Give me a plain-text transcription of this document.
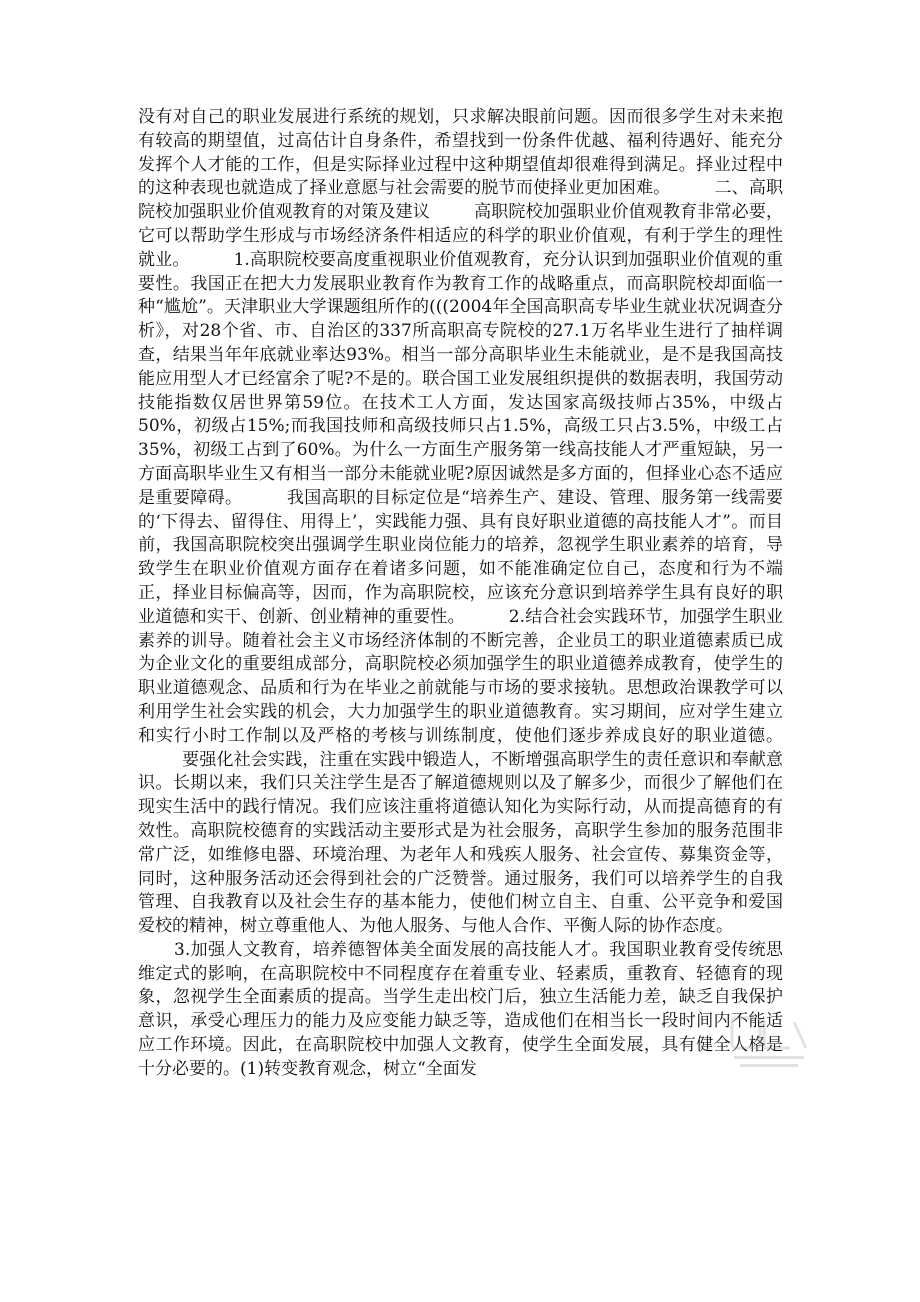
没有对自己的职业发展进行系统的规划，只求解决眼前问题。因而很多学生对未来抱有较高的期望值，过高估计自身条件，希望找到一份条件优越、福利待遇好、能充分发挥个人才能的工作，但是实际择业过程中这种期望值却很难得到满足。择业过程中的这种表现也就造成了择业意愿与社会需要的脱节而使择业更加困难。	二、高职院校加强职业价值观教育的对策及建议	高职院校加强职业价值观教育非常必要，它可以帮助学生形成与市场经济条件相适应的科学的职业价值观，有利于学生的理性就业。	1.高职院校要高度重视职业价值观教育，充分认识到加强职业价值观的重要性。我国正在把大力发展职业教育作为教育工作的战略重点，而高职院校却面临一种“尴尬”。天津职业大学课题组所作的(((2004年全国高职高专毕业生就业状况调查分析》，对28个省、市、自治区的337所高职高专院校的27.1万名毕业生进行了抽样调查，结果当年年底就业率达93%。相当一部分高职毕业生未能就业，是不是我国高技能应用型人才已经富余了呢?不是的。联合国工业发展组织提供的数据表明，我国劳动技能指数仅居世界第59位。在技术工人方面，发达国家高级技师占35%，中级占50%，初级占15%;而我国技师和高级技师只占1.5%，高级工只占3.5%，中级工占35%，初级工占到了60%。为什么一方面生产服务第一线高技能人才严重短缺，另一方面高职毕业生又有相当一部分未能就业呢?原因诚然是多方面的，但择业心态不适应是重要障碍。	我国高职的目标定位是“培养生产、建设、管理、服务第一线需要的‘下得去、留得住、用得上’，实践能力强、具有良好职业道德的高技能人才”。而目前，我国高职院校突出强调学生职业岗位能力的培养，忽视学生职业素养的培育，导致学生在职业价值观方面存在着诸多问题，如不能准确定位自己，态度和行为不端正，择业目标偏高等，因而，作为高职院校，应该充分意识到培养学生具有良好的职业道德和实干、创新、创业精神的重要性。	2.结合社会实践环节，加强学生职业素养的训导。随着社会主义市场经济体制的不断完善，企业员工的职业道德素质已成为企业文化的重要组成部分，高职院校必须加强学生的职业道德养成教育，使学生的职业道德观念、品质和行为在毕业之前就能与市场的要求接轨。思想政治课教学可以利用学生社会实践的机会，大力加强学生的职业道德教育。实习期间，应对学生建立和实行小时工作制以及严格的考核与训练制度，使他们逐步养成良好的职业道德。要强化社会实践，注重在实践中锻造人，不断增强高职学生的责任意识和奉献意识。长期以来，我们只关注学生是否了解道德规则以及了解多少，而很少了解他们在现实生活中的践行情况。我们应该注重将道德认知化为实际行动，从而提高德育的有效性。高职院校德育的实践活动主要形式是为社会服务，高职学生参加的服务范围非常广泛，如维修电器、环境治理、为老年人和残疾人服务、社会宣传、募集资金等，同时，这种服务活动还会得到社会的广泛赞誉。通过服务，我们可以培养学生的自我管理、自我教育以及社会生存的基本能力，使他们树立自主、自重、公平竞争和爱国爱校的精神，树立尊重他人、为他人服务、与他人合作、平衡人际的协作态度。
3.加强人文教育，培养德智体美全面发展的高技能人才。我国职业教育受传统思维定式的影响，在高职院校中不同程度存在着重专业、轻素质，重教育、轻德育的现象，忽视学生全面素质的提高。当学生走出校门后，独立生活能力差，缺乏自我保护意识，承受心理压力的能力及应变能力缺乏等，造成他们在相当长一段时间内不能适应工作环境。因此，在高职院校中加强人文教育，使学生全面发展，具有健全人格是十分必要的。(1)转变教育观念，树立“全面发
